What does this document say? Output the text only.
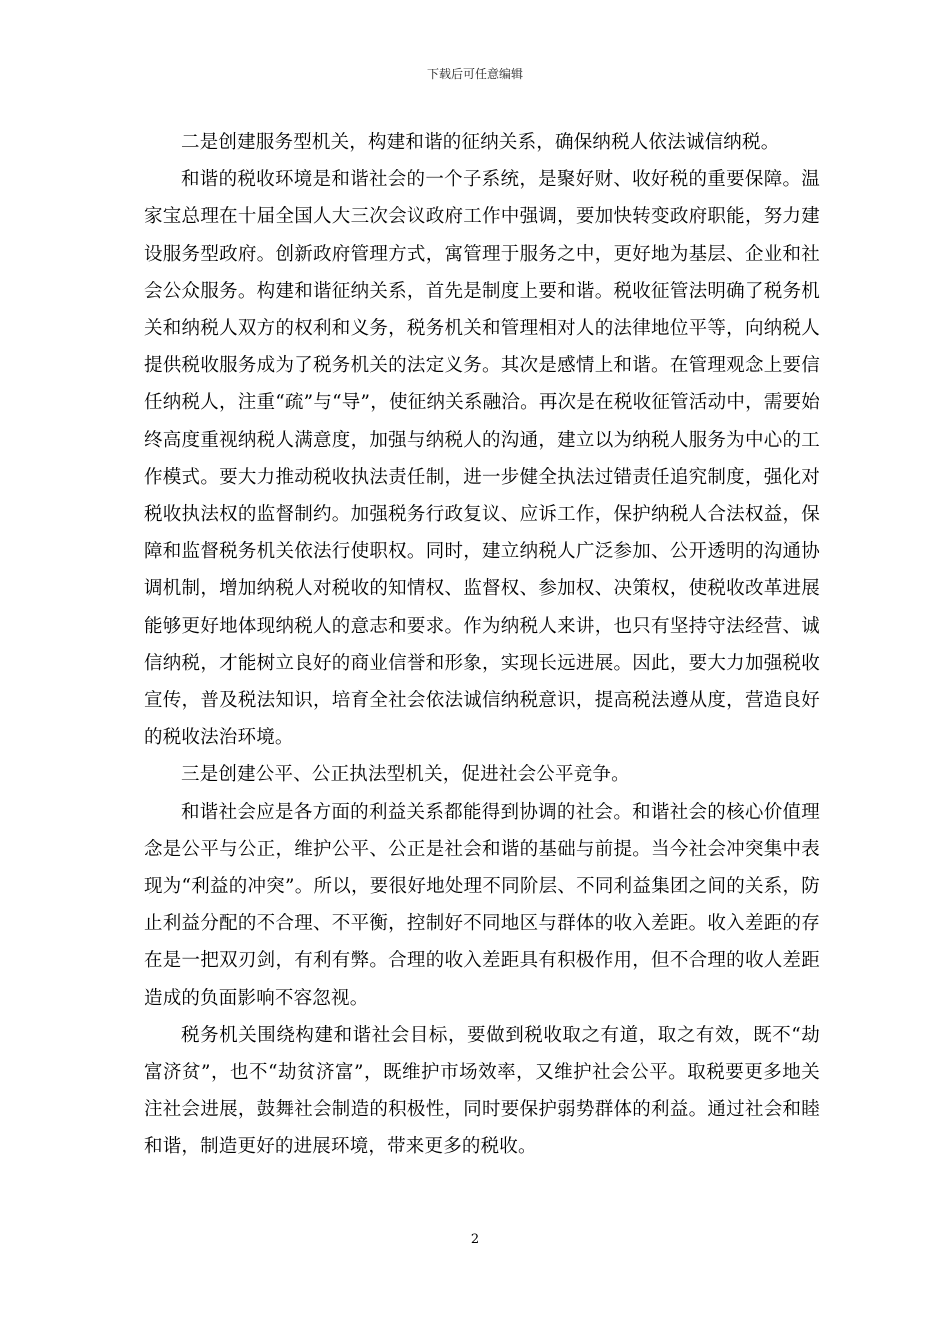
下载后可任意编辑

二是创建服务型机关，构建和谐的征纳关系，确保纳税人依法诚信纳税。

和谐的税收环境是和谐社会的一个子系统，是聚好财、收好税的重要保障。温家宝总理在十届全国人大三次会议政府工作中强调，要加快转变政府职能，努力建设服务型政府。创新政府管理方式，寓管理于服务之中，更好地为基层、企业和社会公众服务。构建和谐征纳关系，首先是制度上要和谐。税收征管法明确了税务机关和纳税人双方的权利和义务，税务机关和管理相对人的法律地位平等，向纳税人提供税收服务成为了税务机关的法定义务。其次是感情上和谐。在管理观念上要信任纳税人，注重“疏”与“导”，使征纳关系融洽。再次是在税收征管活动中，需要始终高度重视纳税人满意度，加强与纳税人的沟通，建立以为纳税人服务为中心的工作模式。要大力推动税收执法责任制，进一步健全执法过错责任追究制度，强化对税收执法权的监督制约。加强税务行政复议、应诉工作，保护纳税人合法权益，保障和监督税务机关依法行使职权。同时，建立纳税人广泛参加、公开透明的沟通协调机制，增加纳税人对税收的知情权、监督权、参加权、决策权，使税收改革进展能够更好地体现纳税人的意志和要求。作为纳税人来讲，也只有坚持守法经营、诚信纳税，才能树立良好的商业信誉和形象，实现长远进展。因此，要大力加强税收宣传，普及税法知识，培育全社会依法诚信纳税意识，提高税法遵从度，营造良好的税收法治环境。

三是创建公平、公正执法型机关，促进社会公平竞争。

和谐社会应是各方面的利益关系都能得到协调的社会。和谐社会的核心价值理念是公平与公正，维护公平、公正是社会和谐的基础与前提。当今社会冲突集中表现为“利益的冲突”。所以，要很好地处理不同阶层、不同利益集团之间的关系，防止利益分配的不合理、不平衡，控制好不同地区与群体的收入差距。收入差距的存在是一把双刃剑，有利有弊。合理的收入差距具有积极作用，但不合理的收人差距造成的负面影响不容忽视。

税务机关围绕构建和谐社会目标，要做到税收取之有道，取之有效，既不“劫富济贫”，也不“劫贫济富”，既维护市场效率，又维护社会公平。取税要更多地关注社会进展，鼓舞社会制造的积极性，同时要保护弱势群体的利益。通过社会和睦和谐，制造更好的进展环境，带来更多的税收。

2
